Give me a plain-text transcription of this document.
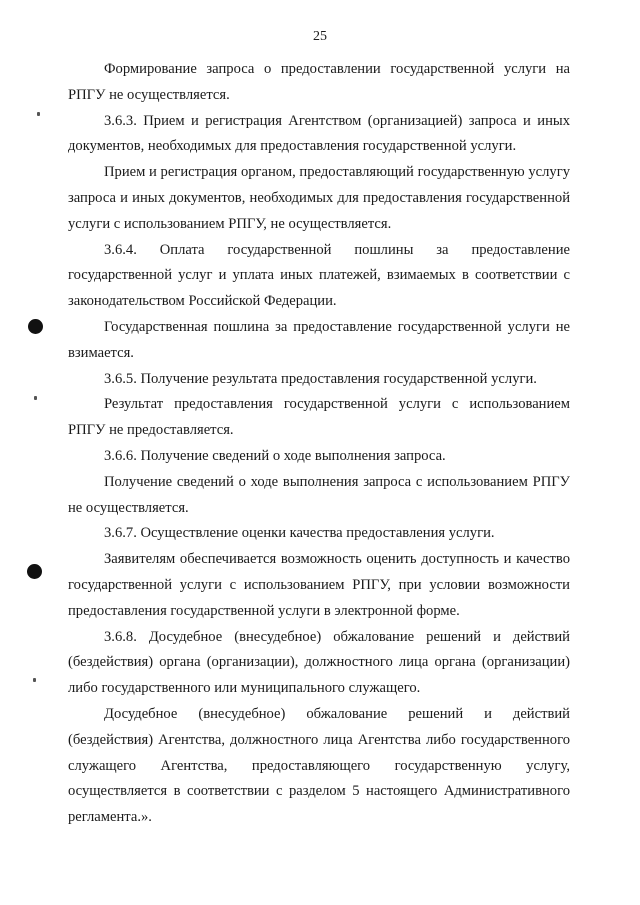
25

Формирование запроса о предоставлении государственной услуги на РПГУ не осуществляется.

3.6.3. Прием и регистрация Агентством (организацией) запроса и иных документов, необходимых для предоставления государственной услуги.

Прием и регистрация органом, предоставляющий государственную услугу запроса и иных документов, необходимых для предоставления государственной услуги с использованием РПГУ, не осуществляется.

3.6.4. Оплата государственной пошлины за предоставление государственной услуг и уплата иных платежей, взимаемых в соответствии с законодательством Российской Федерации.

Государственная пошлина за предоставление государственной услуги не взимается.

3.6.5. Получение результата предоставления государственной услуги.

Результат предоставления государственной услуги с использованием РПГУ не предоставляется.

3.6.6. Получение сведений о ходе выполнения запроса.

Получение сведений о ходе выполнения запроса с использованием РПГУ не осуществляется.

3.6.7. Осуществление оценки качества предоставления услуги.

Заявителям обеспечивается возможность оценить доступность и качество государственной услуги с использованием РПГУ, при условии возможности предоставления государственной услуги в электронной форме.

3.6.8. Досудебное (внесудебное) обжалование решений и действий (бездействия) органа (организации), должностного лица органа (организации) либо государственного или муниципального служащего.

Досудебное (внесудебное) обжалование решений и действий (бездействия) Агентства, должностного лица Агентства либо государственного служащего Агентства, предоставляющего государственную услугу, осуществляется в соответствии с разделом 5 настоящего Административного регламента.».
